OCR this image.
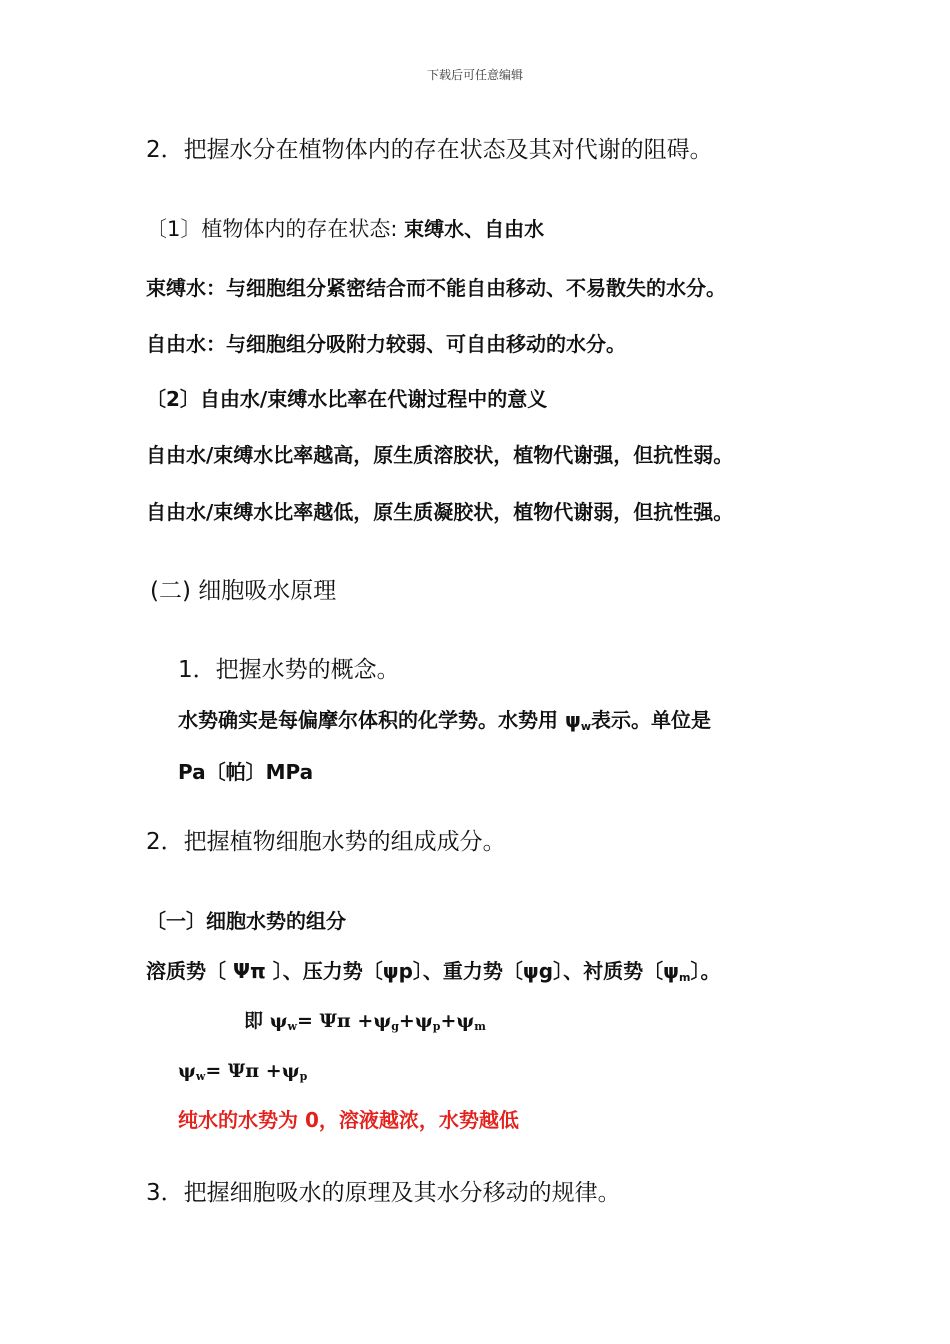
下载后可任意编辑
2．把握水分在植物体内的存在状态及其对代谢的阻碍。
〔1〕植物体内的存在状态: 束缚水、自由水
束缚水：与细胞组分紧密结合而不能自由移动、不易散失的水分。
自由水：与细胞组分吸附力较弱、可自由移动的水分。
〔2〕自由水/束缚水比率在代谢过程中的意义
自由水/束缚水比率越高，原生质溶胶状，植物代谢强，但抗性弱。
自由水/束缚水比率越低，原生质凝胶状，植物代谢弱，但抗性强。
(二) 细胞吸水原理
1．把握水势的概念。
水势确实是每偏摩尔体积的化学势。水势用 $\psi_w$表示。单位是
Pa〔帕〕MPa
2．把握植物细胞水势的组成成分。
〔一〕细胞水势的组分
溶质势〔 Ψπ 〕、压力势〔ψp〕、重力势〔ψg〕、衬质势〔$\psi_m$〕。
即 $\psi_w= \Psi\pi +\psi_g+\psi_p+\psi_m$
$\psi_w= \Psi\pi +\psi_p$
纯水的水势为 0，溶液越浓，水势越低
3．把握细胞吸水的原理及其水分移动的规律。
